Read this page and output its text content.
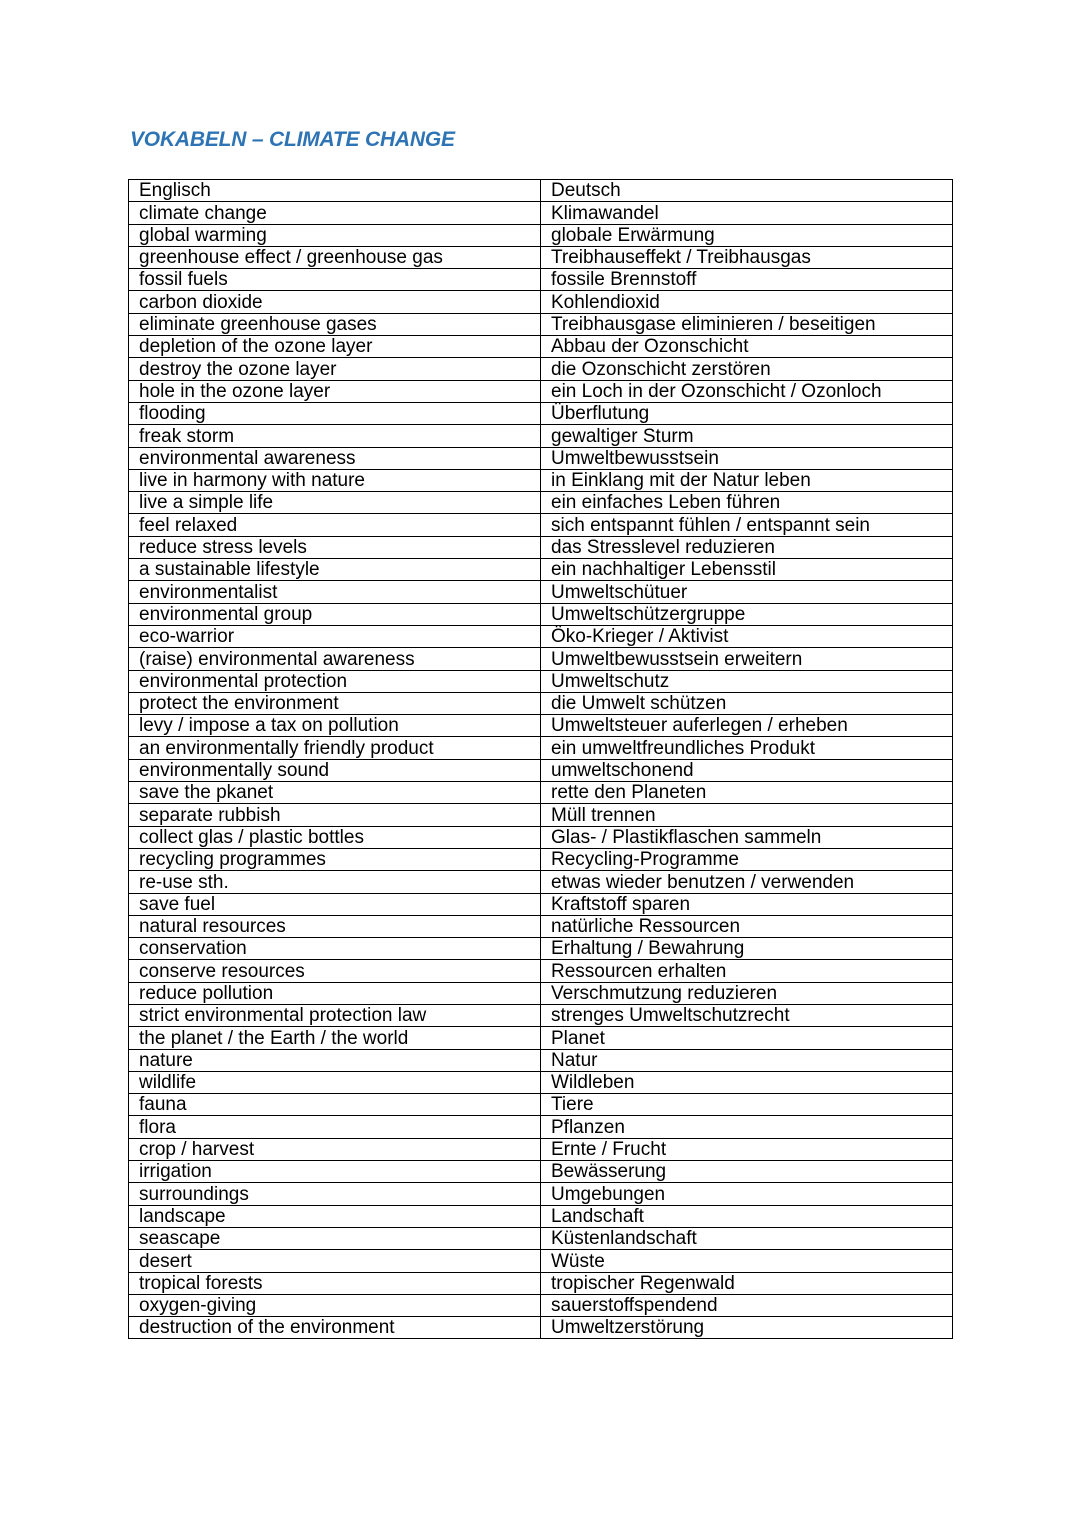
VOKABELN – CLIMATE CHANGE
Englisch	Deutsch
climate change	Klimawandel
global warming	globale Erwärmung
greenhouse effect / greenhouse gas	Treibhauseffekt / Treibhausgas
fossil fuels	fossile Brennstoff
carbon dioxide	Kohlendioxid
eliminate greenhouse gases	Treibhausgase eliminieren / beseitigen
depletion of the ozone layer	Abbau der Ozonschicht
destroy the ozone layer	die Ozonschicht zerstören
hole in the ozone layer	ein Loch in der Ozonschicht / Ozonloch
flooding	Überflutung
freak storm	gewaltiger Sturm
environmental awareness	Umweltbewusstsein
live in harmony with nature	in Einklang mit der Natur leben
live a simple life	ein einfaches Leben führen
feel relaxed	sich entspannt fühlen / entspannt sein
reduce stress levels	das Stresslevel reduzieren
a sustainable lifestyle	ein nachhaltiger Lebensstil
environmentalist	Umweltschütuer
environmental group	Umweltschützergruppe
eco-warrior	Öko-Krieger / Aktivist
(raise) environmental awareness	Umweltbewusstsein erweitern
environmental protection	Umweltschutz
protect the environment	die Umwelt schützen
levy / impose a tax on pollution	Umweltsteuer auferlegen / erheben
an environmentally friendly product	ein umweltfreundliches Produkt
environmentally sound	umweltschonend
save the pkanet	rette den Planeten
separate rubbish	Müll trennen
collect glas / plastic bottles	Glas- / Plastikflaschen sammeln
recycling programmes	Recycling-Programme
re-use sth.	etwas wieder benutzen / verwenden
save fuel	Kraftstoff sparen
natural resources	natürliche Ressourcen
conservation	Erhaltung / Bewahrung
conserve resources	Ressourcen erhalten
reduce pollution	Verschmutzung reduzieren
strict environmental protection law	strenges Umweltschutzrecht
the planet / the Earth / the world	Planet
nature	Natur
wildlife	Wildleben
fauna	Tiere
flora	Pflanzen
crop / harvest	Ernte / Frucht
irrigation	Bewässerung
surroundings	Umgebungen
landscape	Landschaft
seascape	Küstenlandschaft
desert	Wüste
tropical forests	tropischer Regenwald
oxygen-giving	sauerstoffspendend
destruction of the environment	Umweltzerstörung
